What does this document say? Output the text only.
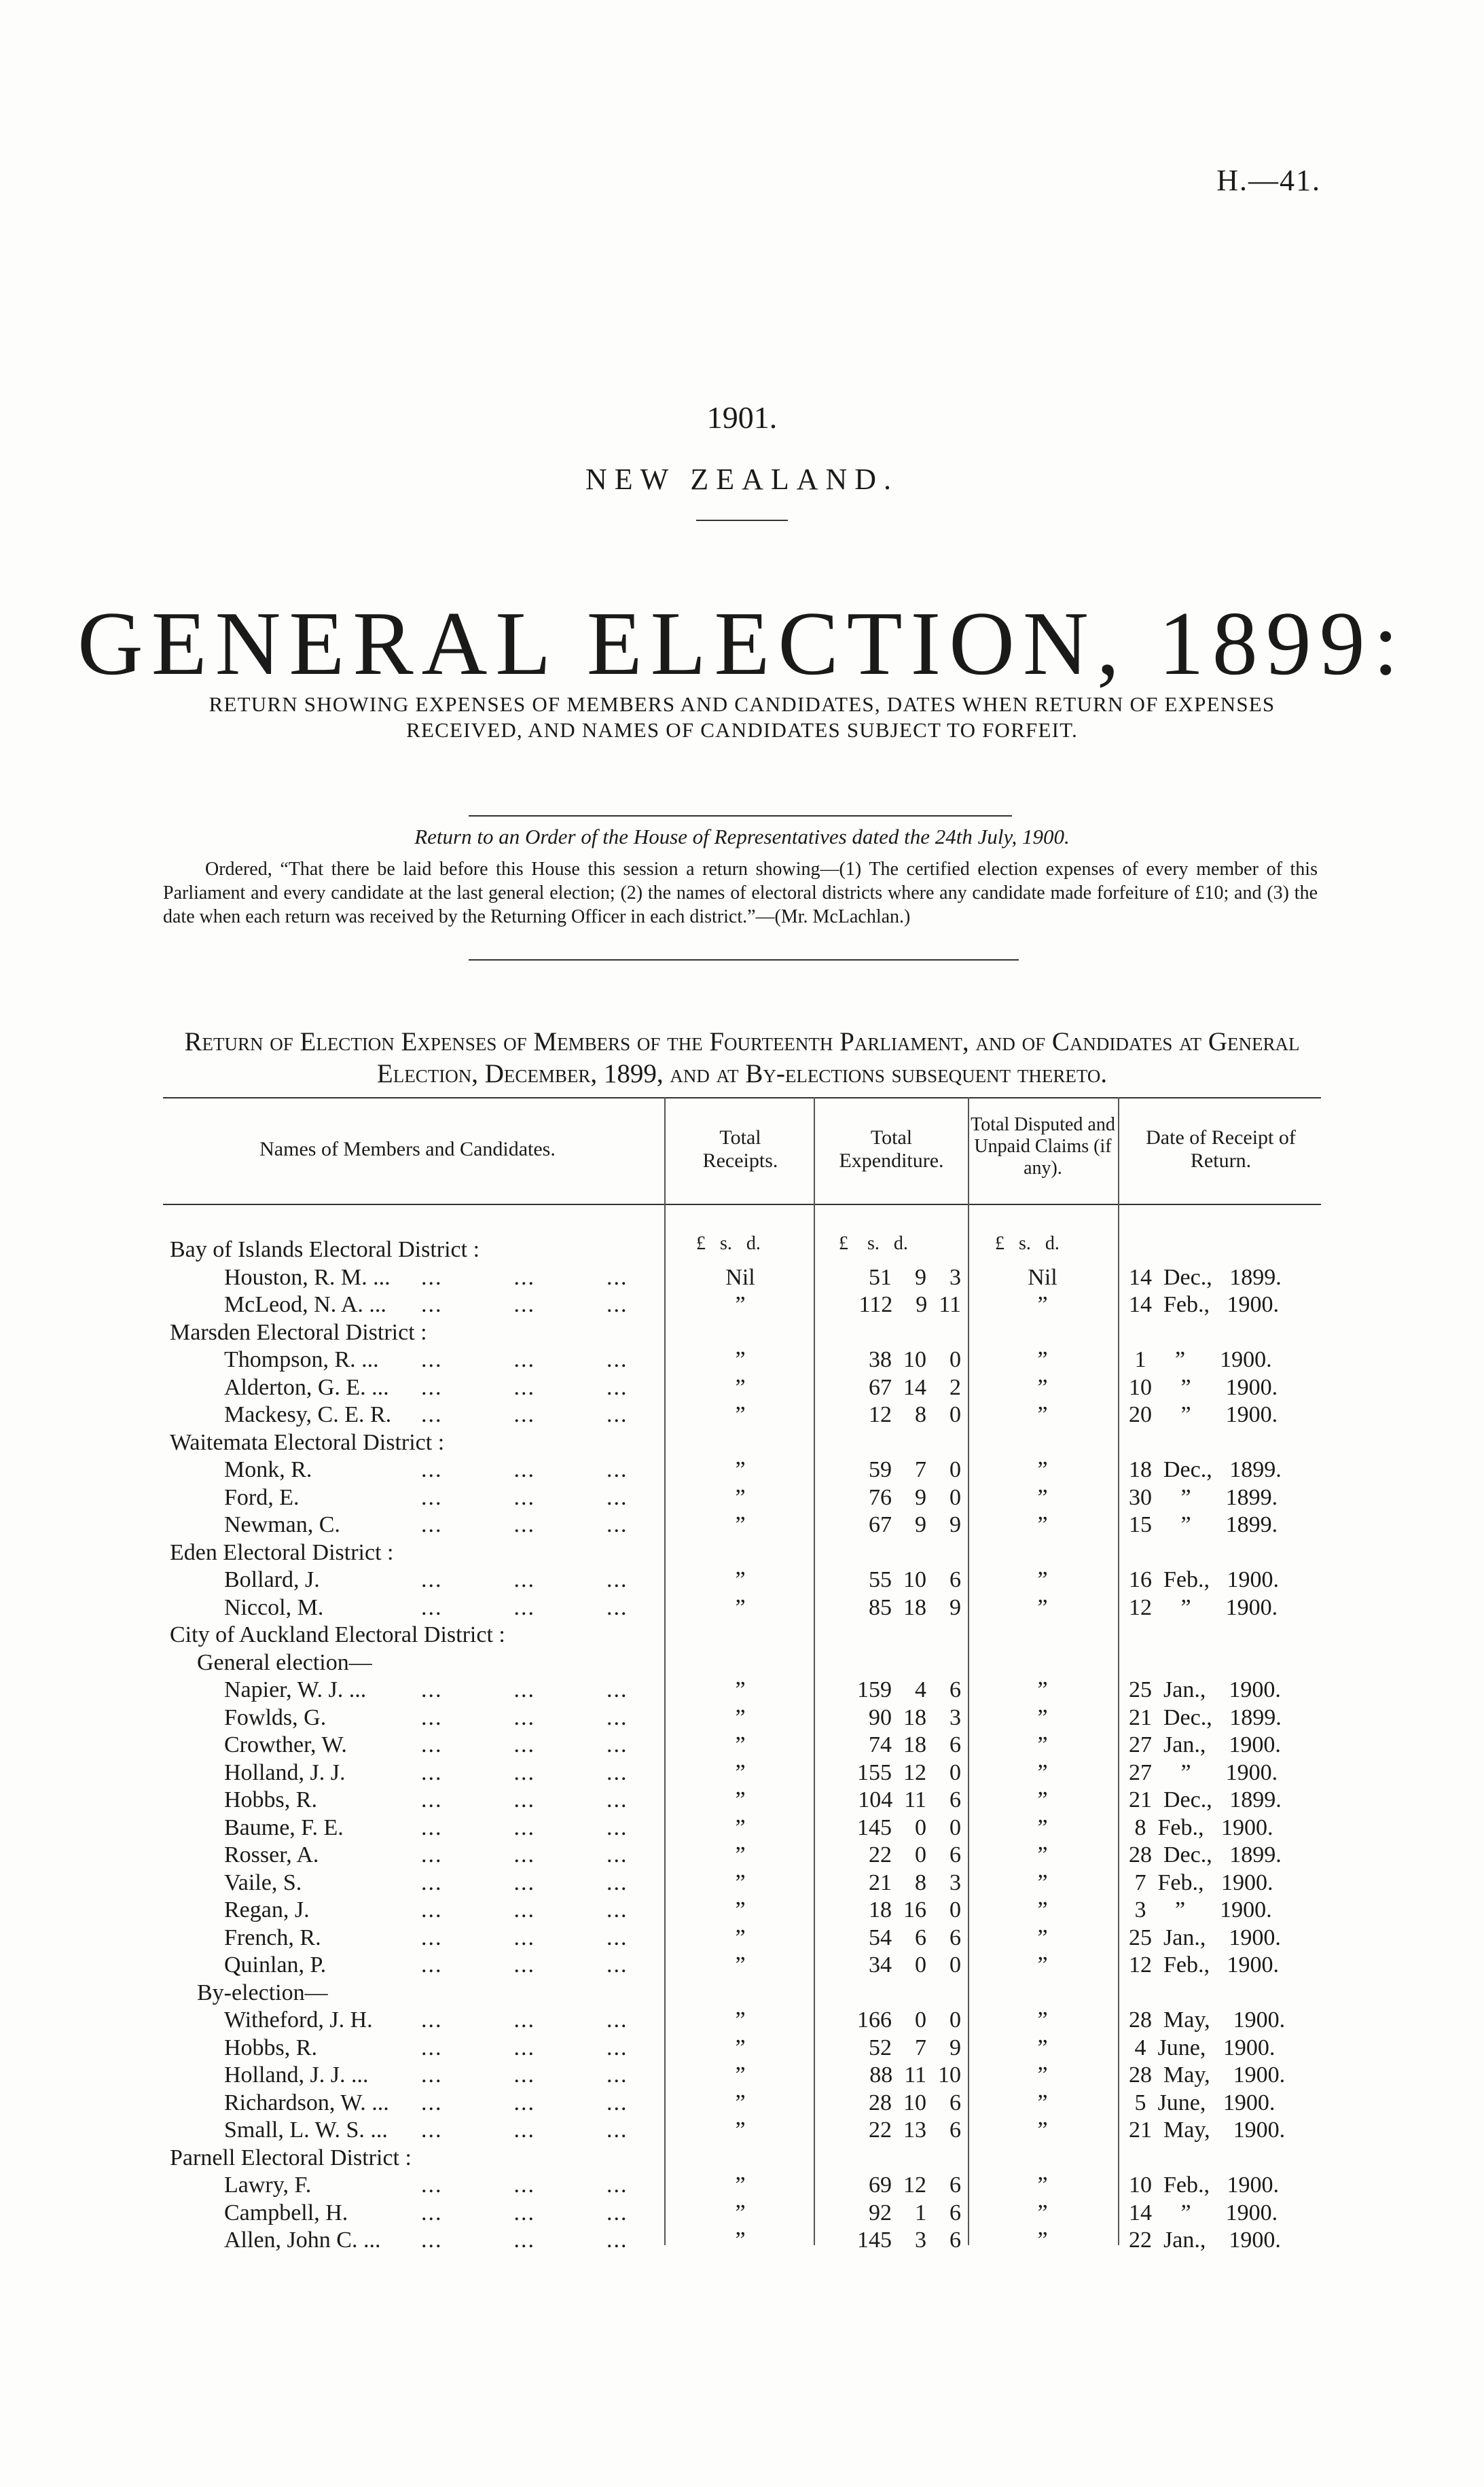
H.—41.
1901.
NEW ZEALAND.
GENERAL ELECTION, 1899:
RETURN SHOWING EXPENSES OF MEMBERS AND CANDIDATES, DATES WHEN RETURN OF EXPENSES RECEIVED, AND NAMES OF CANDIDATES SUBJECT TO FORFEIT.
Return to an Order of the House of Representatives dated the 24th July, 1900.
Ordered, “That there be laid before this House this session a return showing—(1) The certified election expenses of every member of this Parliament and every candidate at the last general election; (2) the names of electoral districts where any candidate made forfeiture of £10; and (3) the date when each return was received by the Returning Officer in each district.”—(Mr. McLachlan.)
Return of Election Expenses of Members of the Fourteenth Parliament, and of Candidates at General Election, December, 1899, and at By-elections subsequent thereto.
Names of Members and Candidates.
Total Receipts.
Total Expenditure.
Total Disputed and Unpaid Claims (if any).
Date of Receipt of Return.
£   s.   d.	£    s.   d.	£   s.   d.
Bay of Islands Electoral District :
Houston, R. M. ... ...          ...          ...	Nil	51    9    3	Nil	14  Dec.,   1899.
McLeod, N. A. ... ...          ...          ...	”	112    9  11	”	14  Feb.,   1900.
Marsden Electoral District :
Thompson, R. ... ...          ...          ...	”	38  10    0	”	1     ”      1900.
Alderton, G. E. ... ...          ...          ...	”	67  14    2	”	10     ”      1900.
Mackesy, C. E. R. ...          ...          ...	”	12    8    0	”	20     ”      1900.
Waitemata Electoral District :
Monk, R.	...          ...          ...	”	59    7    0	”	18  Dec.,   1899.
Ford, E.	...          ...          ...	”	76    9    0	”	30     ”      1899.
Newman, C.	...          ...          ...	”	67    9    9	”	15     ”      1899.
Eden Electoral District :
Bollard, J.	...          ...          ...	”	55  10    6	”	16  Feb.,   1900.
Niccol, M.	...          ...          ...	”	85  18    9	”	12     ”      1900.
City of Auckland Electoral District :
General election—
Napier, W. J. ... ...          ...          ...	”	159    4    6	”	25  Jan.,    1900.
Fowlds, G.	...          ...          ...	”	90  18    3	”	21  Dec.,   1899.
Crowther, W.	...          ...          ...	”	74  18    6	”	27  Jan.,    1900.
Holland, J. J.	...          ...          ...	”	155  12    0	”	27     ”      1900.
Hobbs, R.	...          ...          ...	”	104  11    6	”	21  Dec.,   1899.
Baume, F. E.	...          ...          ...	”	145    0    0	”	8  Feb.,   1900.
Rosser, A.	...          ...          ...	”	22    0    6	”	28  Dec.,   1899.
Vaile, S.	...          ...          ...	”	21    8    3	”	7  Feb.,   1900.
Regan, J.	...          ...          ...	”	18  16    0	”	3     ”      1900.
French, R.	...          ...          ...	”	54    6    6	”	25  Jan.,    1900.
Quinlan, P.	...          ...          ...	”	34    0    0	”	12  Feb.,   1900.
By-election—
Witheford, J. H. ...          ...          ...	”	166    0    0	”	28  May,    1900.
Hobbs, R.	...          ...          ...	”	52    7    9	”	4  June,   1900.
Holland, J. J. ... ...          ...          ...	”	88  11  10	”	28  May,    1900.
Richardson, W. ... ...          ...          ...	”	28  10    6	”	5  June,   1900.
Small, L. W. S. ... ...          ...          ...	”	22  13    6	”	21  May,    1900.
Parnell Electoral District :
Lawry, F.	...          ...          ...	”	69  12    6	”	10  Feb.,   1900.
Campbell, H.	...          ...          ...	”	92    1    6	”	14     ”      1900.
Allen, John C. ... ...          ...          ...	”	145    3    6	”	22  Jan.,    1900.
